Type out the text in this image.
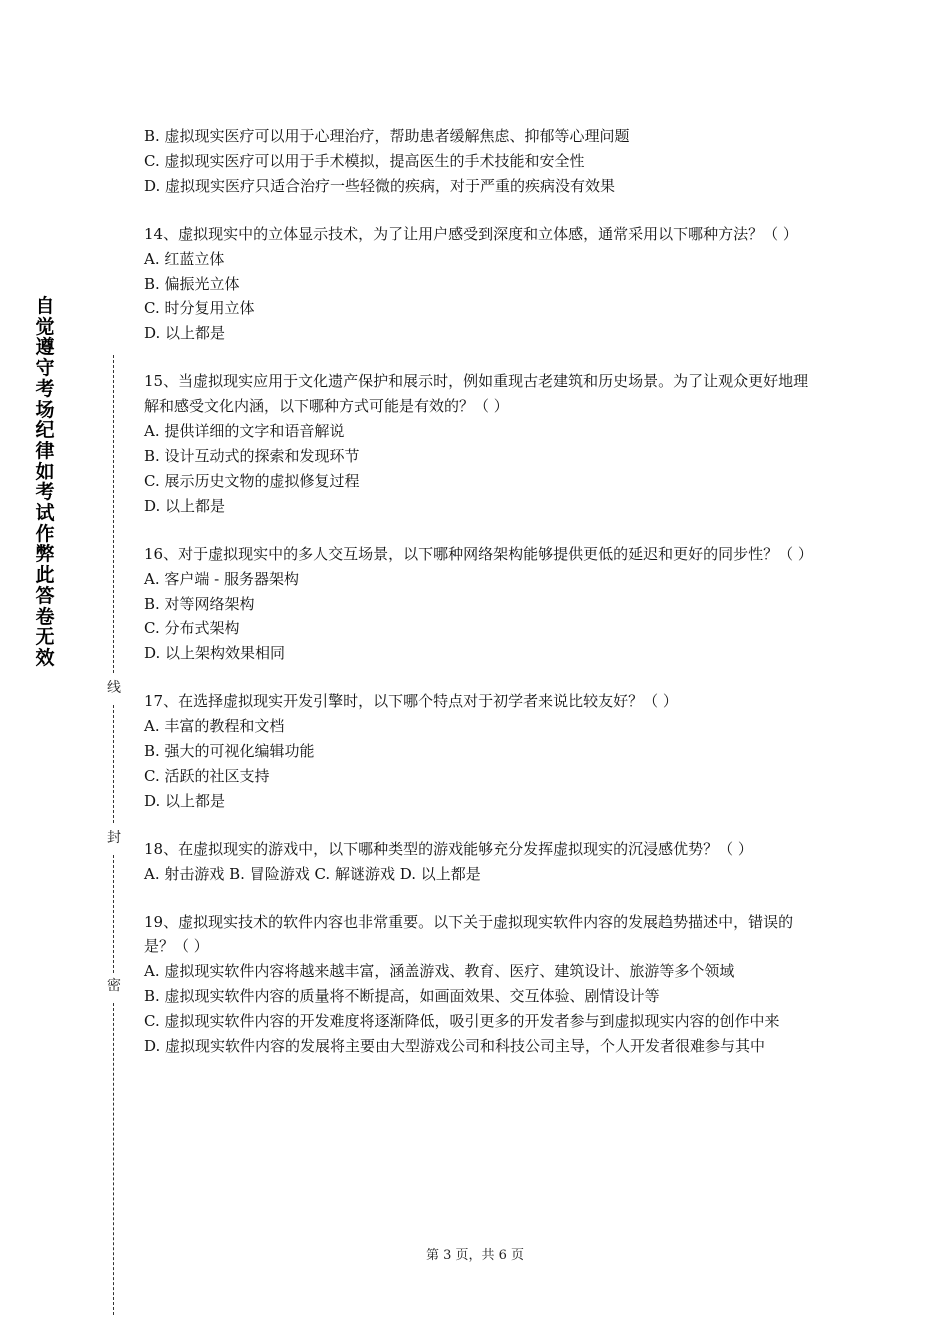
自
觉
遵
守
考
场
纪
律
如
考
试
作
弊
此
答
卷
无
效
线
封
密

B. 虚拟现实医疗可以用于心理治疗，帮助患者缓解焦虑、抑郁等心理问题

C. 虚拟现实医疗可以用于手术模拟，提高医生的手术技能和安全性

D. 虚拟现实医疗只适合治疗一些轻微的疾病，对于严重的疾病没有效果

14、虚拟现实中的立体显示技术，为了让用户感受到深度和立体感，通常采用以下哪种方法？（ ）

A. 红蓝立体

B. 偏振光立体

C. 时分复用立体

D. 以上都是

15、当虚拟现实应用于文化遗产保护和展示时，例如重现古老建筑和历史场景。为了让观众更好地理解和感受文化内涵，以下哪种方式可能是有效的？（ ）

A. 提供详细的文字和语音解说

B. 设计互动式的探索和发现环节

C. 展示历史文物的虚拟修复过程

D. 以上都是

16、对于虚拟现实中的多人交互场景，以下哪种网络架构能够提供更低的延迟和更好的同步性？（ ）

A. 客户端 - 服务器架构

B. 对等网络架构

C. 分布式架构

D. 以上架构效果相同

17、在选择虚拟现实开发引擎时，以下哪个特点对于初学者来说比较友好？（ ）

A. 丰富的教程和文档

B. 强大的可视化编辑功能

C. 活跃的社区支持

D. 以上都是

18、在虚拟现实的游戏中，以下哪种类型的游戏能够充分发挥虚拟现实的沉浸感优势？（ ）

A. 射击游戏 B. 冒险游戏 C. 解谜游戏 D. 以上都是

19、虚拟现实技术的软件内容也非常重要。以下关于虚拟现实软件内容的发展趋势描述中，错误的是？（ ）

A. 虚拟现实软件内容将越来越丰富，涵盖游戏、教育、医疗、建筑设计、旅游等多个领域

B. 虚拟现实软件内容的质量将不断提高，如画面效果、交互体验、剧情设计等

C. 虚拟现实软件内容的开发难度将逐渐降低，吸引更多的开发者参与到虚拟现实内容的创作中来

D. 虚拟现实软件内容的发展将主要由大型游戏公司和科技公司主导，个人开发者很难参与其中

第 3 页，共 6 页
